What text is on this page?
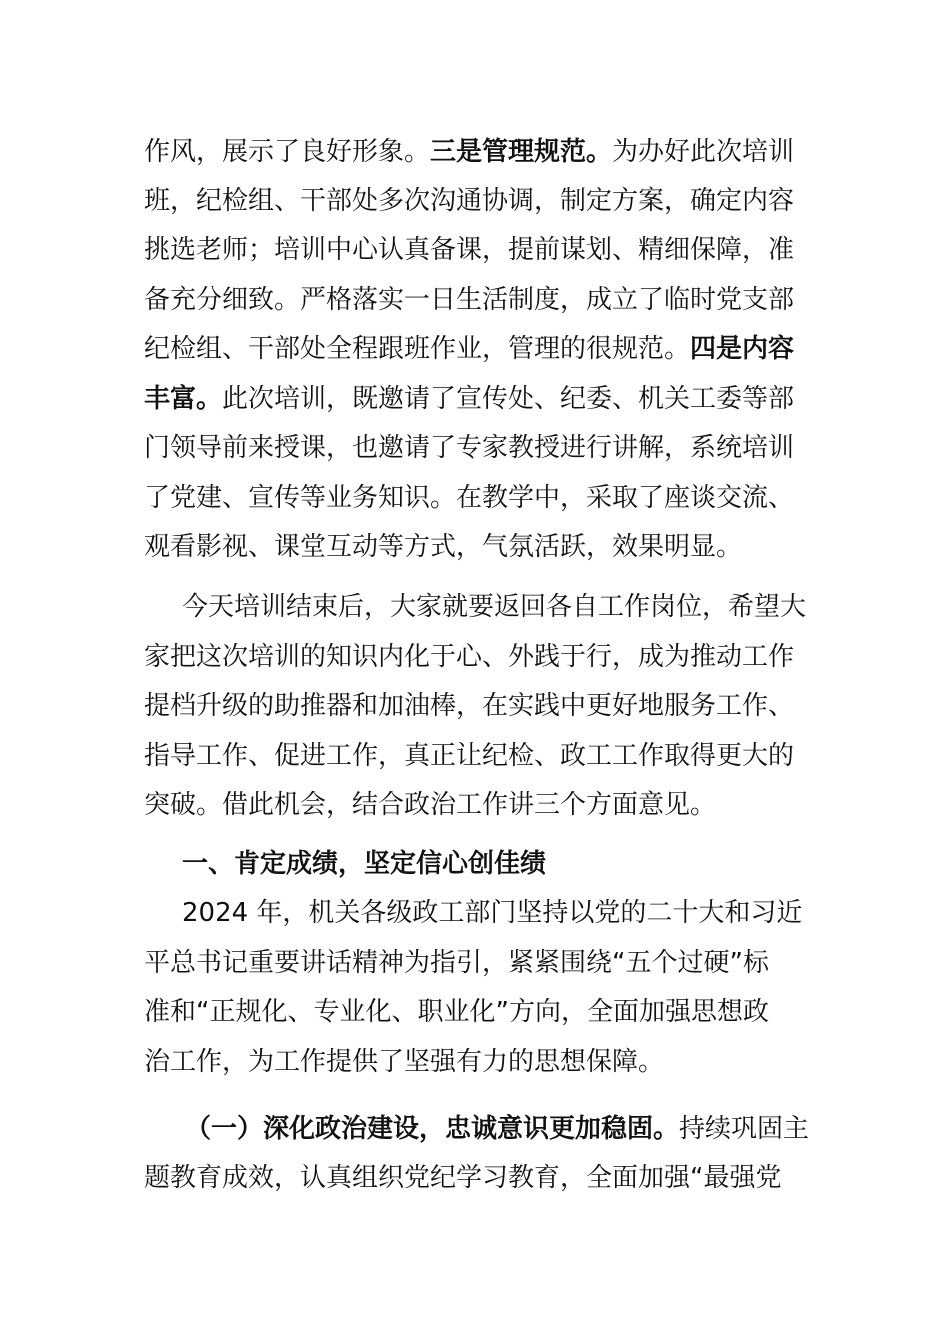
作风，展示了良好形象。三是管理规范。为办好此次培训
班，纪检组、干部处多次沟通协调，制定方案，确定内容
挑选老师；培训中心认真备课，提前谋划、精细保障，准
备充分细致。严格落实一日生活制度，成立了临时党支部
纪检组、干部处全程跟班作业，管理的很规范。四是内容
丰富。此次培训，既邀请了宣传处、纪委、机关工委等部
门领导前来授课，也邀请了专家教授进行讲解，系统培训
了党建、宣传等业务知识。在教学中，采取了座谈交流、
观看影视、课堂互动等方式，气氛活跃，效果明显。
今天培训结束后，大家就要返回各自工作岗位，希望大
家把这次培训的知识内化于心、外践于行，成为推动工作
提档升级的助推器和加油棒，在实践中更好地服务工作、
指导工作、促进工作，真正让纪检、政工工作取得更大的
突破。借此机会，结合政治工作讲三个方面意见。
一、肯定成绩，坚定信心创佳绩
2024 年，机关各级政工部门坚持以党的二十大和习近
平总书记重要讲话精神为指引，紧紧围绕“五个过硬”标
准和“正规化、专业化、职业化”方向，全面加强思想政
治工作，为工作提供了坚强有力的思想保障。
（一）深化政治建设，忠诚意识更加稳固。持续巩固主
题教育成效，认真组织党纪学习教育，全面加强“最强党
